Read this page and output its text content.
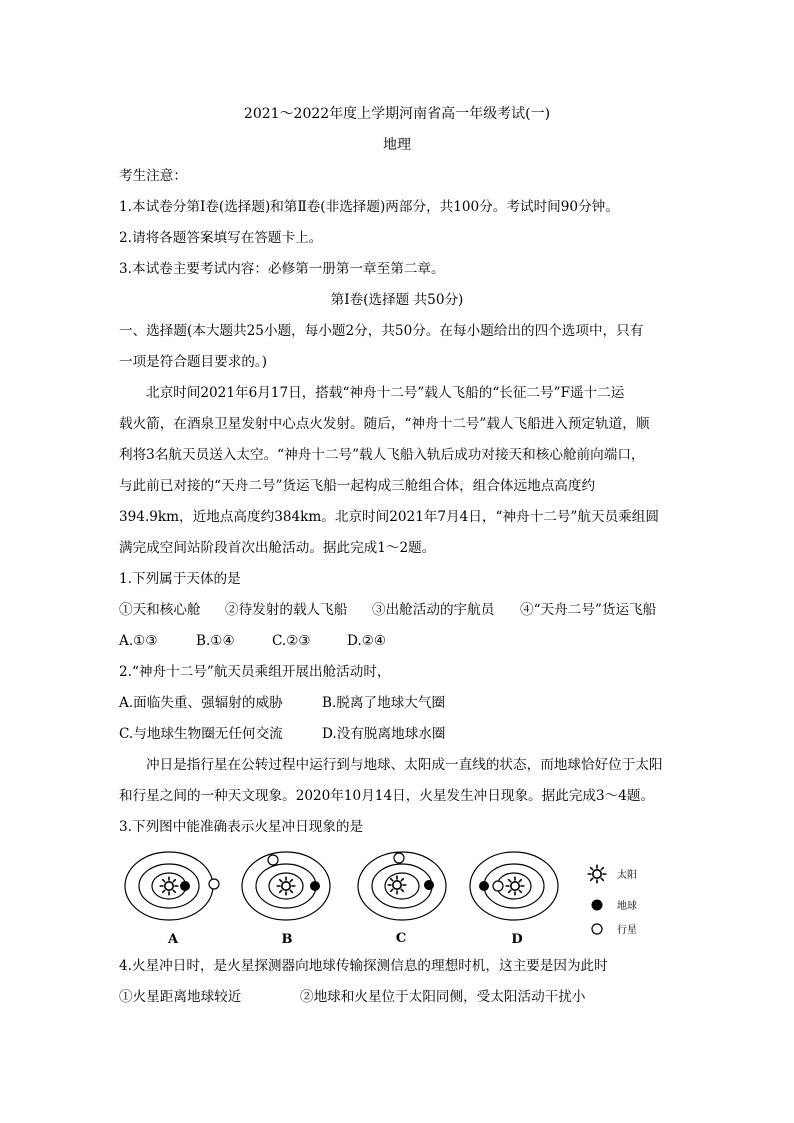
2021～2022年度上学期河南省高一年级考试(一)
地理
考生注意：
1.本试卷分第Ⅰ卷(选择题)和第Ⅱ卷(非选择题)两部分，共100分。考试时间90分钟。
2.请将各题答案填写在答题卡上。
3.本试卷主要考试内容：必修第一册第一章至第二章。
第Ⅰ卷(选择题 共50分)
一、选择题(本大题共25小题，每小题2分，共50分。在每小题给出的四个选项中，只有
一项是符合题目要求的。)
北京时间2021年6月17日，搭载“神舟十二号”载人飞船的“长征二号”F遥十二运
载火箭，在酒泉卫星发射中心点火发射。随后，“神舟十二号”载人飞船进入预定轨道，顺
利将3名航天员送入太空。“神舟十二号”载人飞船入轨后成功对接天和核心舱前向端口，
与此前已对接的“天舟二号”货运飞船一起构成三舱组合体，组合体远地点高度约
394.9km，近地点高度约384km。北京时间2021年7月4日，“神舟十二号”航天员乘组圆
满完成空间站阶段首次出舱活动。据此完成1～2题。
1.下列属于天体的是
①天和核心舱 ②待发射的载人飞船 ③出舱活动的宇航员 ④“天舟二号”货运飞船
A.①③	B.①④	C.②③	D.②④
2.“神舟十二号”航天员乘组开展出舱活动时，
A.面临失重、强辐射的威胁	B.脱离了地球大气圈
C.与地球生物圈无任何交流	D.没有脱离地球水圈
冲日是指行星在公转过程中运行到与地球、太阳成一直线的状态，而地球恰好位于太阳
和行星之间的一种天文现象。2020年10月14日，火星发生冲日现象。据此完成3～4题。
3.下列图中能准确表示火星冲日现象的是
A	B	C	D
太阳
地球
行星
4.火星冲日时，是火星探测器向地球传输探测信息的理想时机，这主要是因为此时
①火星距离地球较近	②地球和火星位于太阳同侧，受太阳活动干扰小
